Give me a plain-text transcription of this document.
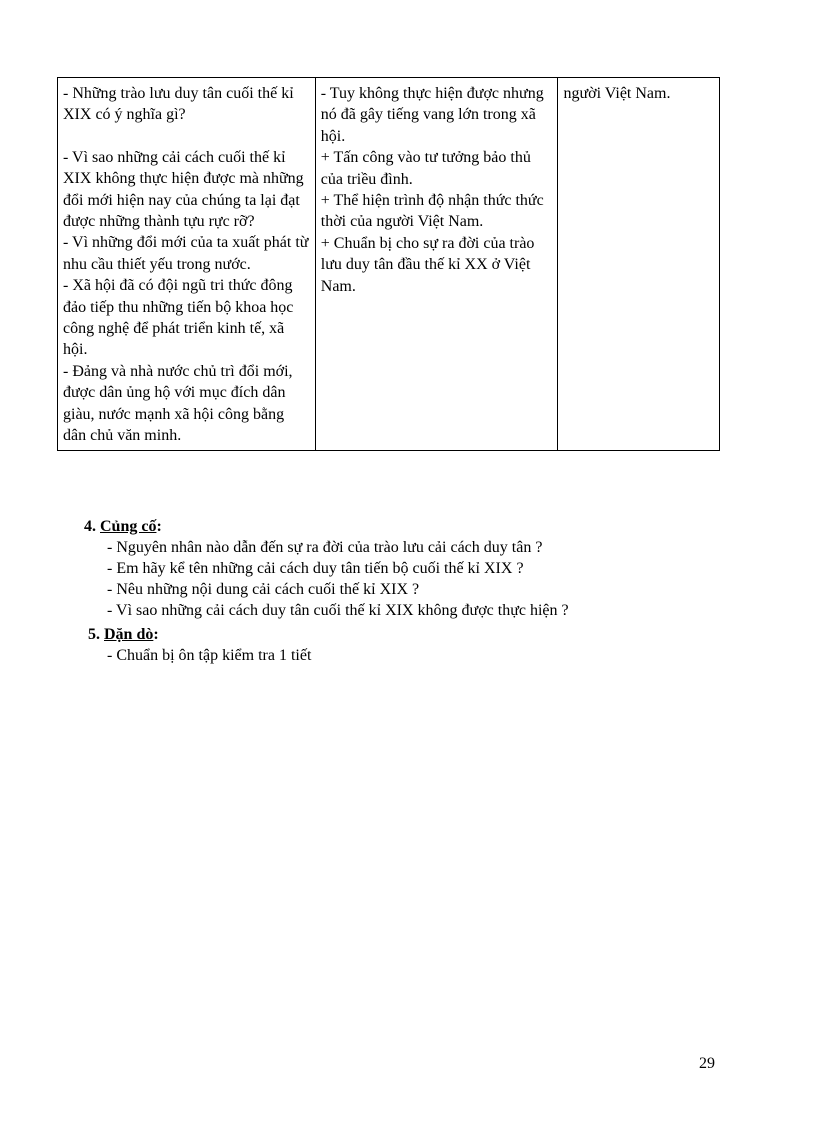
- Những trào lưu duy tân cuối thế kỉ XIX có ý nghĩa gì?
- Vì sao những cải cách cuối thế kỉ XIX không thực hiện được mà những đổi mới hiện nay của chúng ta lại đạt được những thành tựu rực rỡ?
- Vì những đổi mới của ta xuất phát từ nhu cầu thiết yếu trong nước.
- Xã hội đã có đội ngũ tri thức đông đảo tiếp thu những tiến bộ khoa học công nghệ để phát triển kinh tế, xã hội.
- Đảng và nhà nước chủ trì đổi mới, được dân ủng hộ với mục đích dân giàu, nước mạnh xã hội công bằng dân chủ văn minh.

- Tuy không thực hiện được nhưng nó đã gây tiếng vang lớn trong xã hội.
+ Tấn công vào tư tưởng bảo thủ của triều đình.
+ Thể hiện trình độ nhận thức thức thời của người Việt Nam.
+ Chuẩn bị cho sự ra đời của trào lưu duy tân đầu thế kỉ XX ở Việt Nam.

người Việt Nam.
4. Củng cố:
- Nguyên nhân nào dẫn đến sự ra đời của trào lưu cải cách duy tân ?
- Em hãy kể tên những cải cách duy tân tiến bộ cuối thế kỉ XIX ?
- Nêu những nội dung cải cách cuối thế kỉ XIX ?
- Vì sao những cải cách duy tân cuối thế kỉ XIX không được thực hiện ?
5. Dặn dò:
- Chuẩn bị ôn tập kiểm tra 1 tiết
29
